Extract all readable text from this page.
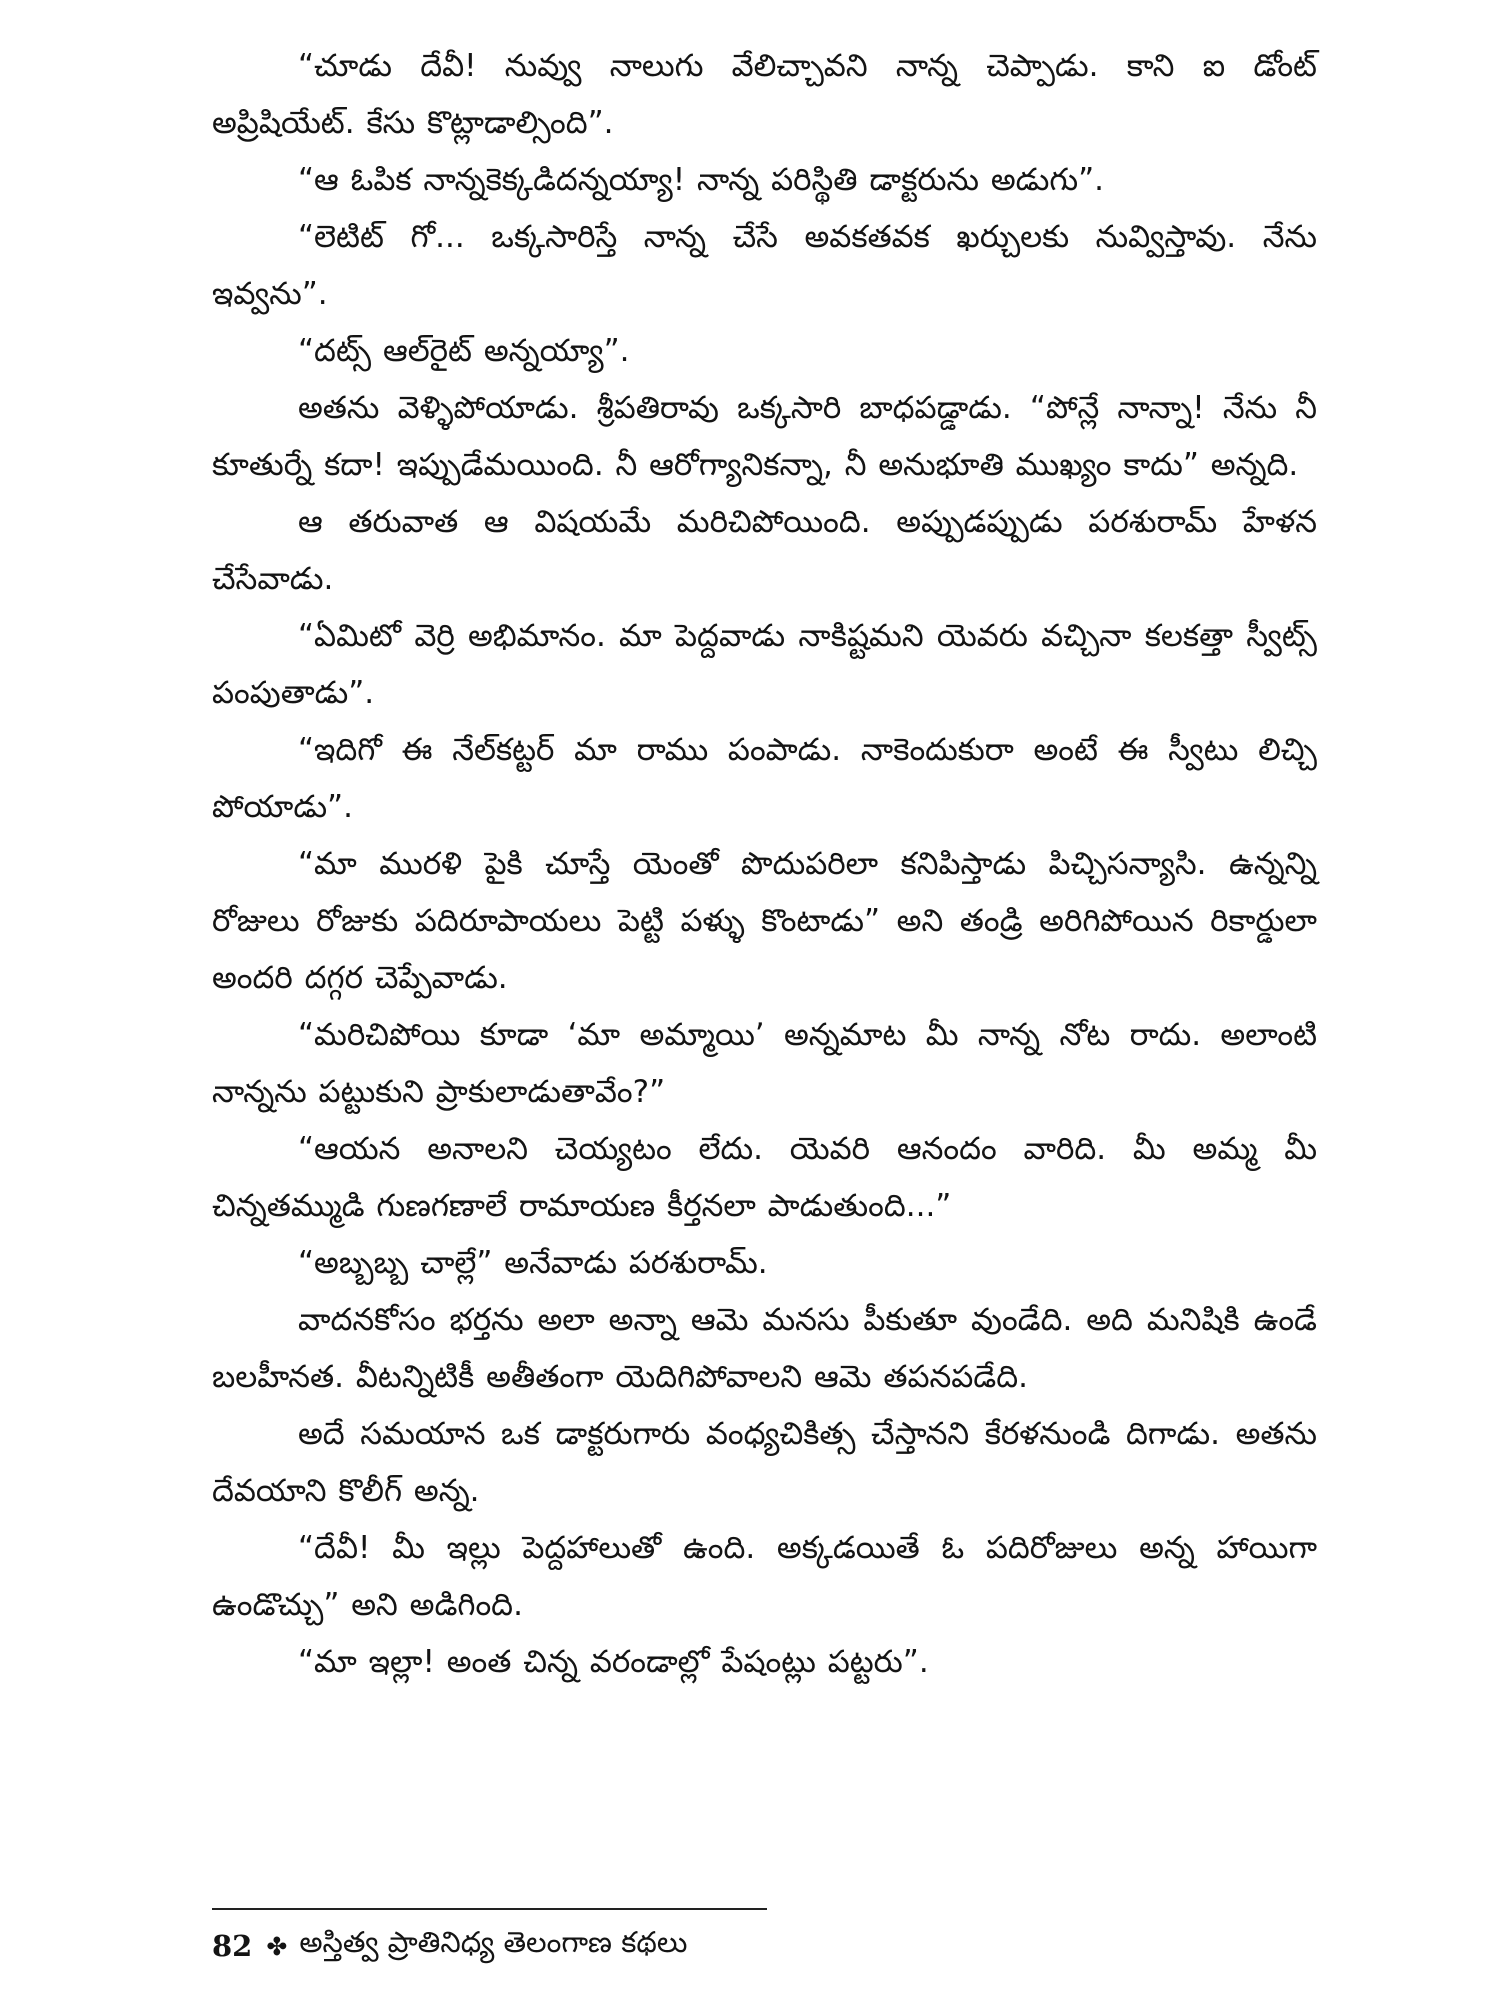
“చూడు దేవీ! నువ్వు నాలుగు వేలిచ్చావని నాన్న చెప్పాడు. కాని ఐ డోంట్ అప్రిషియేట్. కేసు కొట్లాడాల్సింది”.

“ఆ ఓపిక నాన్నకెక్కడిదన్నయ్యా! నాన్న పరిస్థితి డాక్టరును అడుగు”.

“లెటిట్ గో... ఒక్కసారిస్తే నాన్న చేసే అవకతవక ఖర్చులకు నువ్విస్తావు. నేను ఇవ్వను”.

“దట్స్ ఆల్‌రైట్ అన్నయ్యా”.

అతను వెళ్ళిపోయాడు. శ్రీపతిరావు ఒక్కసారి బాధపడ్డాడు. “పోన్లే నాన్నా! నేను నీ కూతుర్నే కదా! ఇప్పుడేమయింది. నీ ఆరోగ్యానికన్నా, నీ అనుభూతి ముఖ్యం కాదు” అన్నది.

ఆ తరువాత ఆ విషయమే మరిచిపోయింది. అప్పుడప్పుడు పరశురామ్ హేళన చేసేవాడు.

“ఏమిటో వెర్రి అభిమానం. మా పెద్దవాడు నాకిష్టమని యెవరు వచ్చినా కలకత్తా స్వీట్స్ పంపుతాడు”.

“ఇదిగో ఈ నేల్‌కట్టర్ మా రాము పంపాడు. నాకెందుకురా అంటే ఈ స్వీటు లిచ్చి పోయాడు”.

“మా మురళి పైకి చూస్తే యెంతో పొదుపరిలా కనిపిస్తాడు పిచ్చిసన్యాసి. ఉన్నన్ని రోజులు రోజుకు పదిరూపాయలు పెట్టి పళ్ళు కొంటాడు” అని తండ్రి అరిగిపోయిన రికార్డులా అందరి దగ్గర చెప్పేవాడు.

“మరిచిపోయి కూడా ‘మా అమ్మాయి’ అన్నమాట మీ నాన్న నోట రాదు. అలాంటి నాన్నను పట్టుకుని ప్రాకులాడుతావేం?”

“ఆయన అనాలని చెయ్యటం లేదు. యెవరి ఆనందం వారిది. మీ అమ్మ మీ చిన్నతమ్ముడి గుణగణాలే రామాయణ కీర్తనలా పాడుతుంది...”

“అబ్బబ్బ చాల్లే” అనేవాడు పరశురామ్.

వాదనకోసం భర్తను అలా అన్నా ఆమె మనసు పీకుతూ వుండేది. అది మనిషికి ఉండే బలహీనత. వీటన్నిటికీ అతీతంగా యెదిగిపోవాలని ఆమె తపనపడేది.

అదే సమయాన ఒక డాక్టరుగారు వంధ్యచికిత్స చేస్తానని కేరళనుండి దిగాడు. అతను దేవయాని కొలీగ్ అన్న.

“దేవీ! మీ ఇల్లు పెద్దహాలుతో ఉంది. అక్కడయితే ఓ పదిరోజులు అన్న హాయిగా ఉండొచ్చు” అని అడిగింది.

“మా ఇల్లా! అంత చిన్న వరండాల్లో పేషంట్లు పట్టరు”.

82 ✤ అస్తిత్వ ప్రాతినిధ్య తెలంగాణ కథలు
